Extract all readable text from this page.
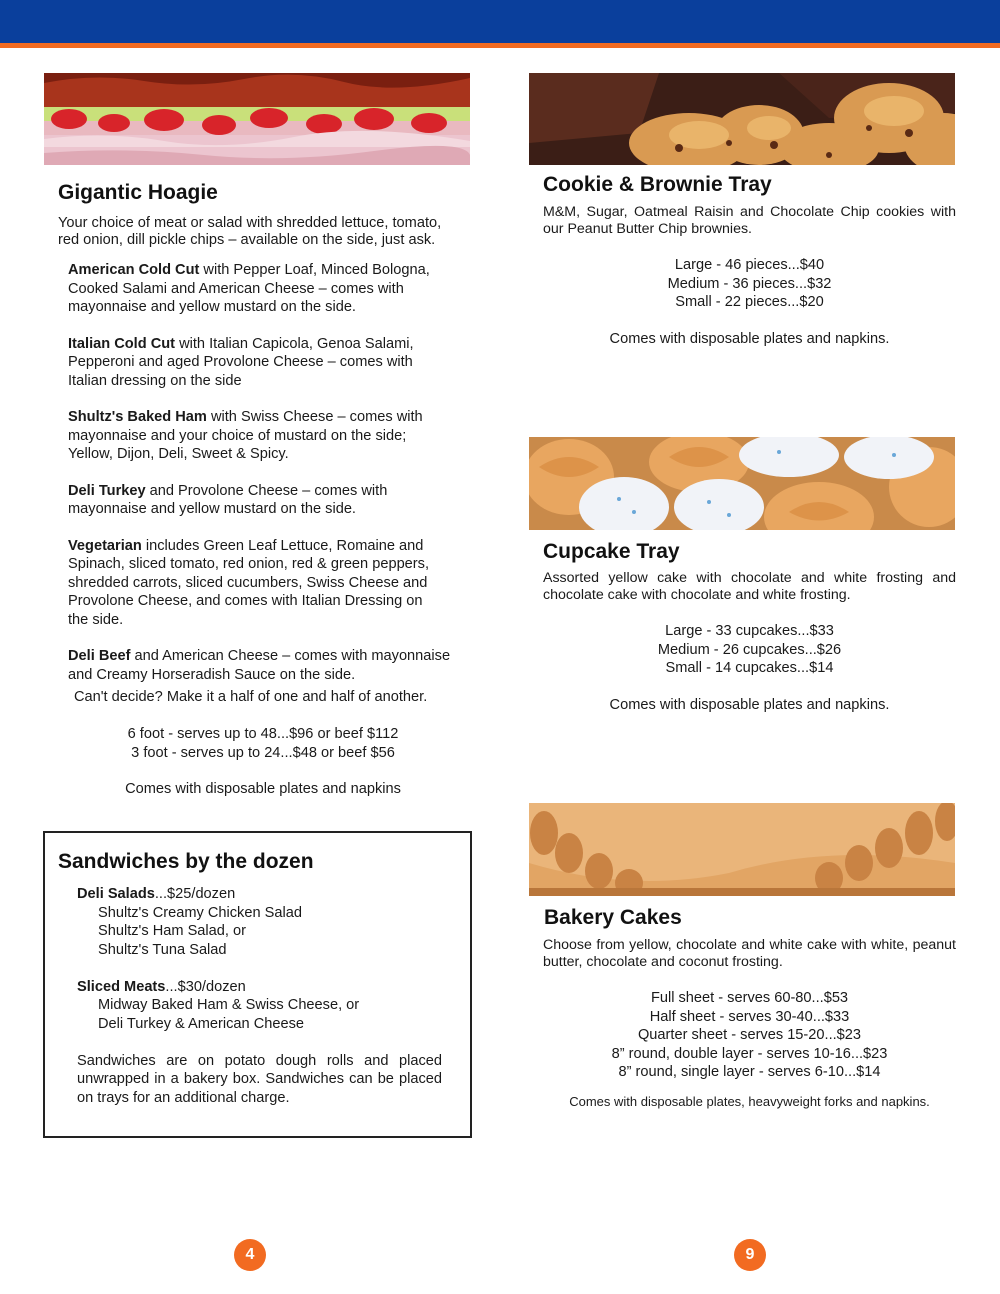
Gigantic Hoagie

Your choice of meat or salad with shredded lettuce, tomato,
red onion, dill pickle chips – available on the side, just ask.

American Cold Cut with Pepper Loaf, Minced Bologna,
Cooked Salami and American Cheese – comes with
mayonnaise and yellow mustard on the side.

Italian Cold Cut with Italian Capicola, Genoa Salami,
Pepperoni and aged Provolone Cheese – comes with
Italian dressing on the side

Shultz's Baked Ham with Swiss Cheese – comes with
mayonnaise and your choice of mustard on the side;
Yellow, Dijon, Deli, Sweet & Spicy.

Deli Turkey and Provolone Cheese – comes with
mayonnaise and yellow mustard on the side.

Vegetarian includes Green Leaf Lettuce, Romaine and
Spinach, sliced tomato, red onion, red & green peppers,
shredded carrots, sliced cucumbers, Swiss Cheese and
Provolone Cheese, and comes with Italian Dressing on
the side.

Deli Beef and American Cheese – comes with mayonnaise
and Creamy Horseradish Sauce on the side.

Can't decide? Make it a half of one and half of another.

6 foot - serves up to 48...$96 or beef $112
3 foot - serves up to 24...$48 or beef $56

Comes with disposable plates and napkins

Sandwiches by the dozen
Deli Salads...$25/dozen
Shultz's Creamy Chicken Salad
Shultz's Ham Salad, or
Shultz's Tuna Salad
Sliced Meats...$30/dozen
Midway Baked Ham & Swiss Cheese, or
Deli Turkey & American Cheese
Sandwiches are on potato dough rolls and placed unwrapped in a bakery box. Sandwiches can be placed on trays for an additional charge.
Cookie & Brownie Tray

M&M, Sugar, Oatmeal Raisin and Chocolate Chip cookies with our Peanut Butter Chip brownies.

Large - 46 pieces...$40
Medium - 36 pieces...$32
Small - 22 pieces...$20

Comes with disposable plates and napkins.

Cupcake Tray

Assorted yellow cake with chocolate and white frosting and chocolate cake with chocolate and white frosting.

Large - 33 cupcakes...$33
Medium - 26 cupcakes...$26
Small - 14 cupcakes...$14

Comes with disposable plates and napkins.

Bakery Cakes

Choose from yellow, chocolate and white cake with white, peanut butter, chocolate and coconut frosting.

Full sheet - serves 60-80...$53
Half sheet - serves 30-40...$33
Quarter sheet - serves 15-20...$23
8” round, double layer - serves 10-16...$23
8” round, single layer - serves 6-10...$14

Comes with disposable plates, heavyweight forks and napkins.

4	9
